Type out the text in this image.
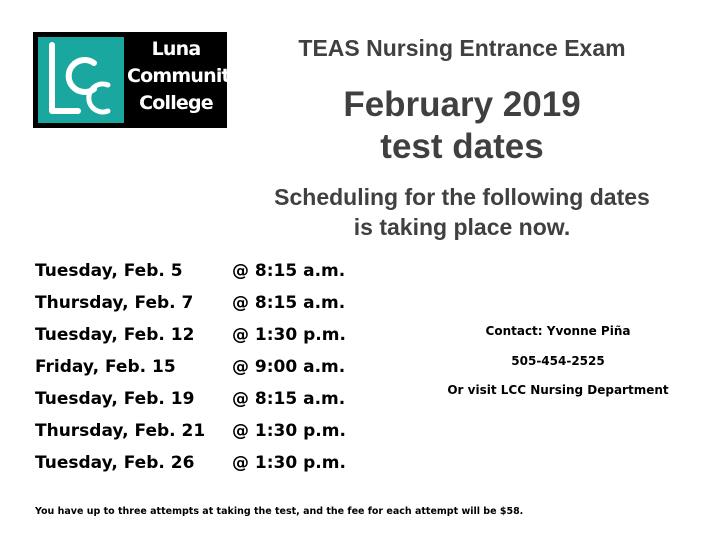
Luna
Community
College
TEAS Nursing Entrance Exam
February 2019
test dates
Scheduling for the following dates
is taking place now.
Tuesday, Feb. 5	@ 8:15 a.m.
Thursday, Feb. 7 @ 8:15 a.m.
Tuesday, Feb. 12 @ 1:30 p.m.
Friday, Feb. 15	@ 9:00 a.m.
Tuesday, Feb. 19 @ 8:15 a.m.
Thursday, Feb. 21 @ 1:30 p.m.
Tuesday, Feb. 26 @ 1:30 p.m.
Contact: Yvonne Piña
505-454-2525
Or visit LCC Nursing Department
You have up to three attempts at taking the test, and the fee for each attempt will be $58.
